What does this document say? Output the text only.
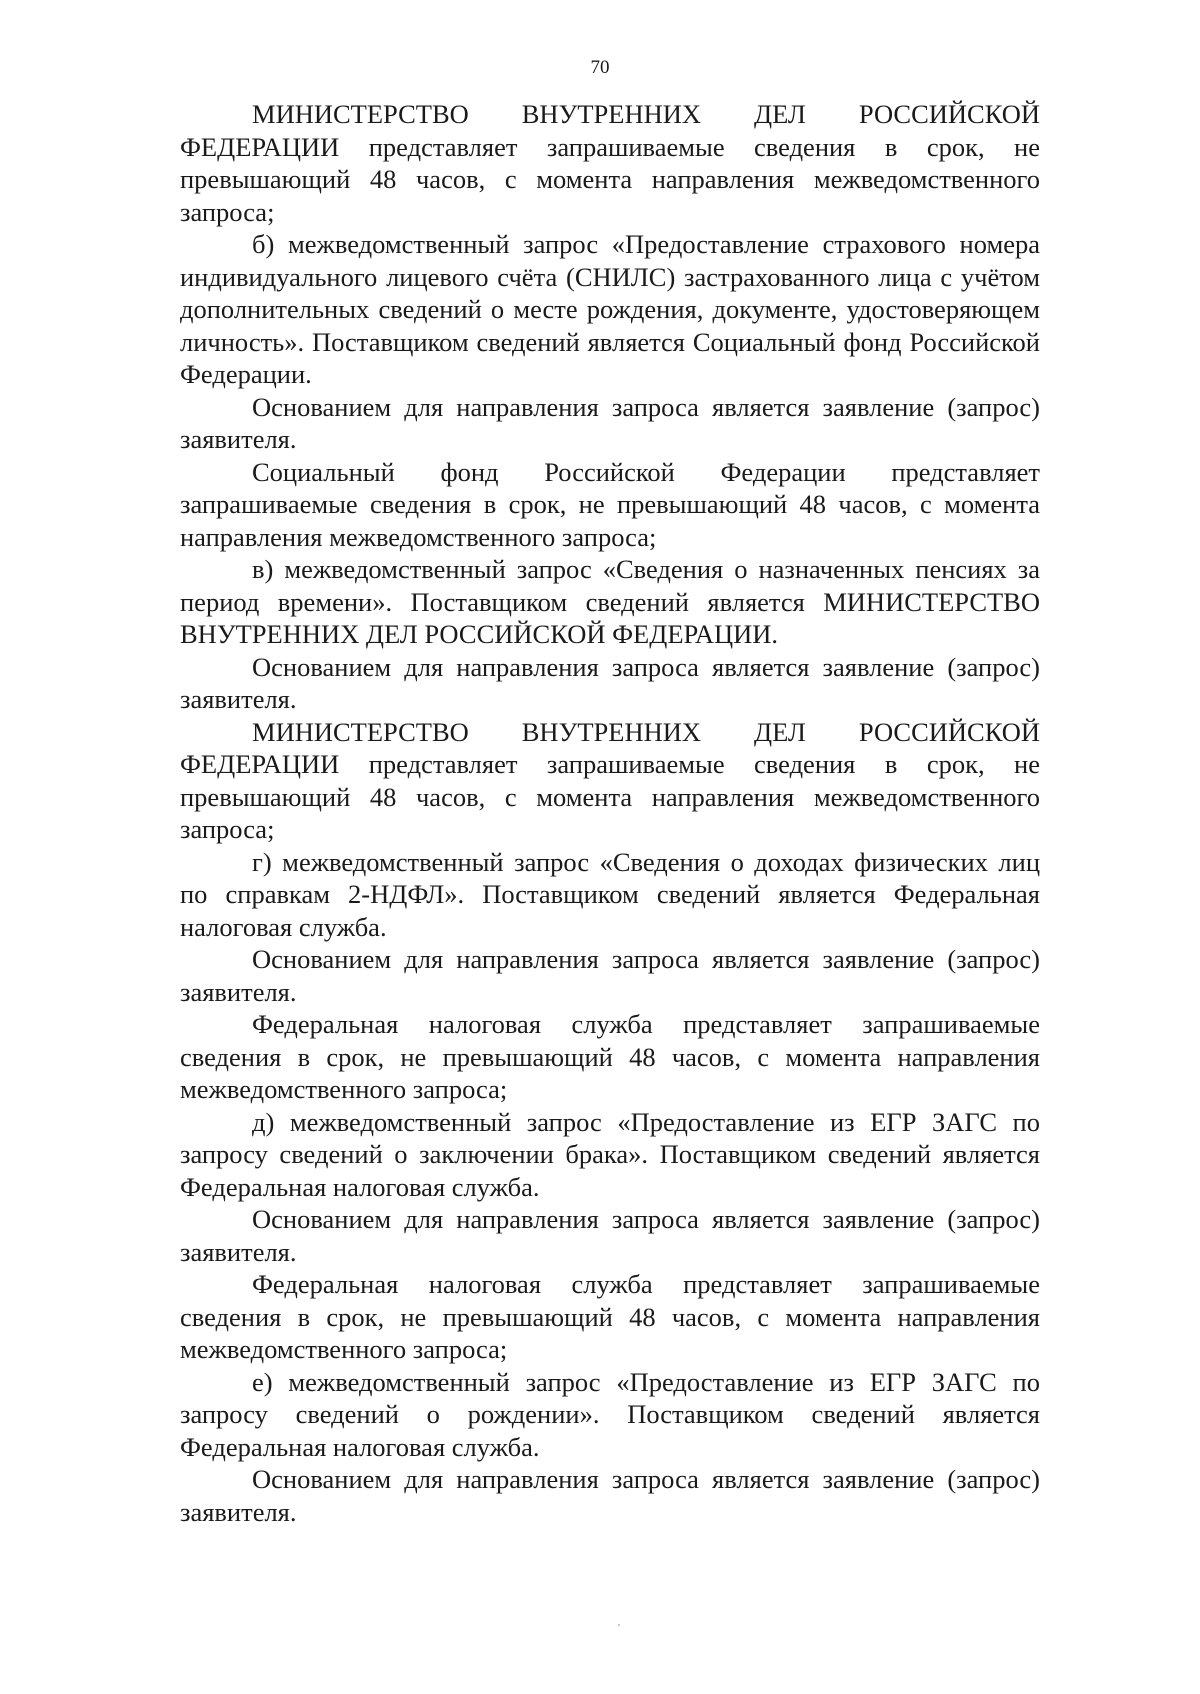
70

МИНИСТЕРСТВО ВНУТРЕННИХ ДЕЛ РОССИЙСКОЙ ФЕДЕРАЦИИ представляет запрашиваемые сведения в срок, не превышающий 48 часов, с момента направления межведомственного запроса;

б) межведомственный запрос «Предоставление страхового номера индивидуального лицевого счёта (СНИЛС) застрахованного лица с учётом дополнительных сведений о месте рождения, документе, удостоверяющем личность». Поставщиком сведений является Социальный фонд Российской Федерации.

Основанием для направления запроса является заявление (запрос) заявителя.

Социальный фонд Российской Федерации представляет запрашиваемые сведения в срок, не превышающий 48 часов, с момента направления межведомственного запроса;

в) межведомственный запрос «Сведения о назначенных пенсиях за период времени». Поставщиком сведений является МИНИСТЕРСТВО ВНУТРЕННИХ ДЕЛ РОССИЙСКОЙ ФЕДЕРАЦИИ.

Основанием для направления запроса является заявление (запрос) заявителя.

МИНИСТЕРСТВО ВНУТРЕННИХ ДЕЛ РОССИЙСКОЙ ФЕДЕРАЦИИ представляет запрашиваемые сведения в срок, не превышающий 48 часов, с момента направления межведомственного запроса;

г) межведомственный запрос «Сведения о доходах физических лиц по справкам 2-НДФЛ». Поставщиком сведений является Федеральная налоговая служба.

Основанием для направления запроса является заявление (запрос) заявителя.

Федеральная налоговая служба представляет запрашиваемые сведения в срок, не превышающий 48 часов, с момента направления межведомственного запроса;

д) межведомственный запрос «Предоставление из ЕГР ЗАГС по запросу сведений о заключении брака». Поставщиком сведений является Федеральная налоговая служба.

Основанием для направления запроса является заявление (запрос) заявителя.

Федеральная налоговая служба представляет запрашиваемые сведения в срок, не превышающий 48 часов, с момента направления межведомственного запроса;

е) межведомственный запрос «Предоставление из ЕГР ЗАГС по запросу сведений о рождении». Поставщиком сведений является Федеральная налоговая служба.

Основанием для направления запроса является заявление (запрос) заявителя.
